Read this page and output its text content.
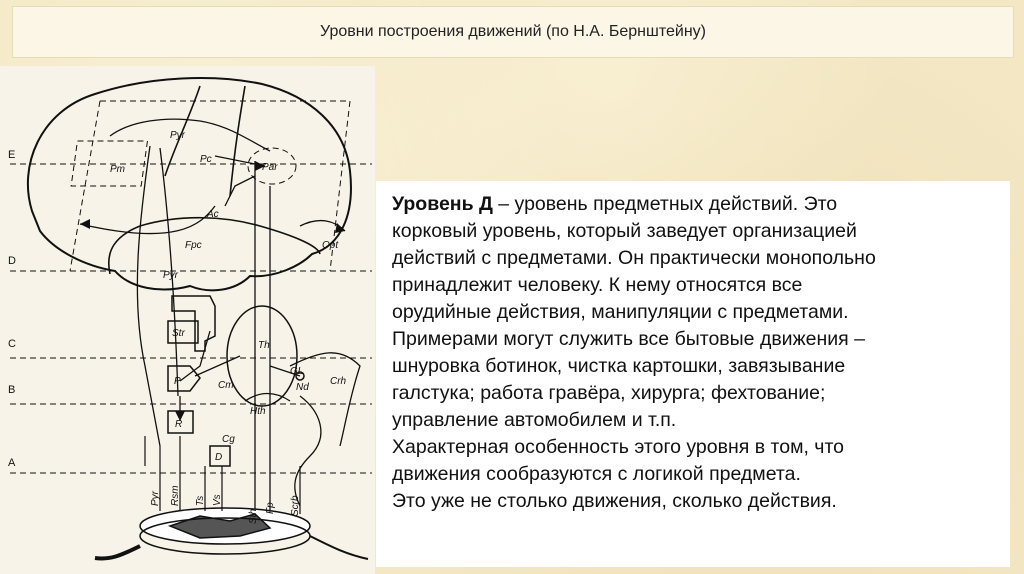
Уровни построения движений (по Н.А. Бернштейну)
E
D
C
B
A
Pyr
Pm
Pc
Par
Ac
Fpc	Opt
Pyr
Str
Th
P	Cm
GL
Nd
Crh
Hth
R
Cg
D
Pyr Rsm Ts Vs
Sth
Fp Scrb

Уровень Д – уровень предметных действий. Это

корковый уровень, который заведует организацией

действий с предметами. Он практически монопольно

принадлежит человеку. К нему относятся все

орудийные действия, манипуляции с предметами.

Примерами могут служить все бытовые движения –

шнуровка ботинок, чистка картошки, завязывание

галстука; работа гравёра, хирурга; фехтование;

управление автомобилем и т.п.

Характерная особенность этого уровня в том, что

движения сообразуются с логикой предмета.

Это уже не столько движения, сколько действия.
